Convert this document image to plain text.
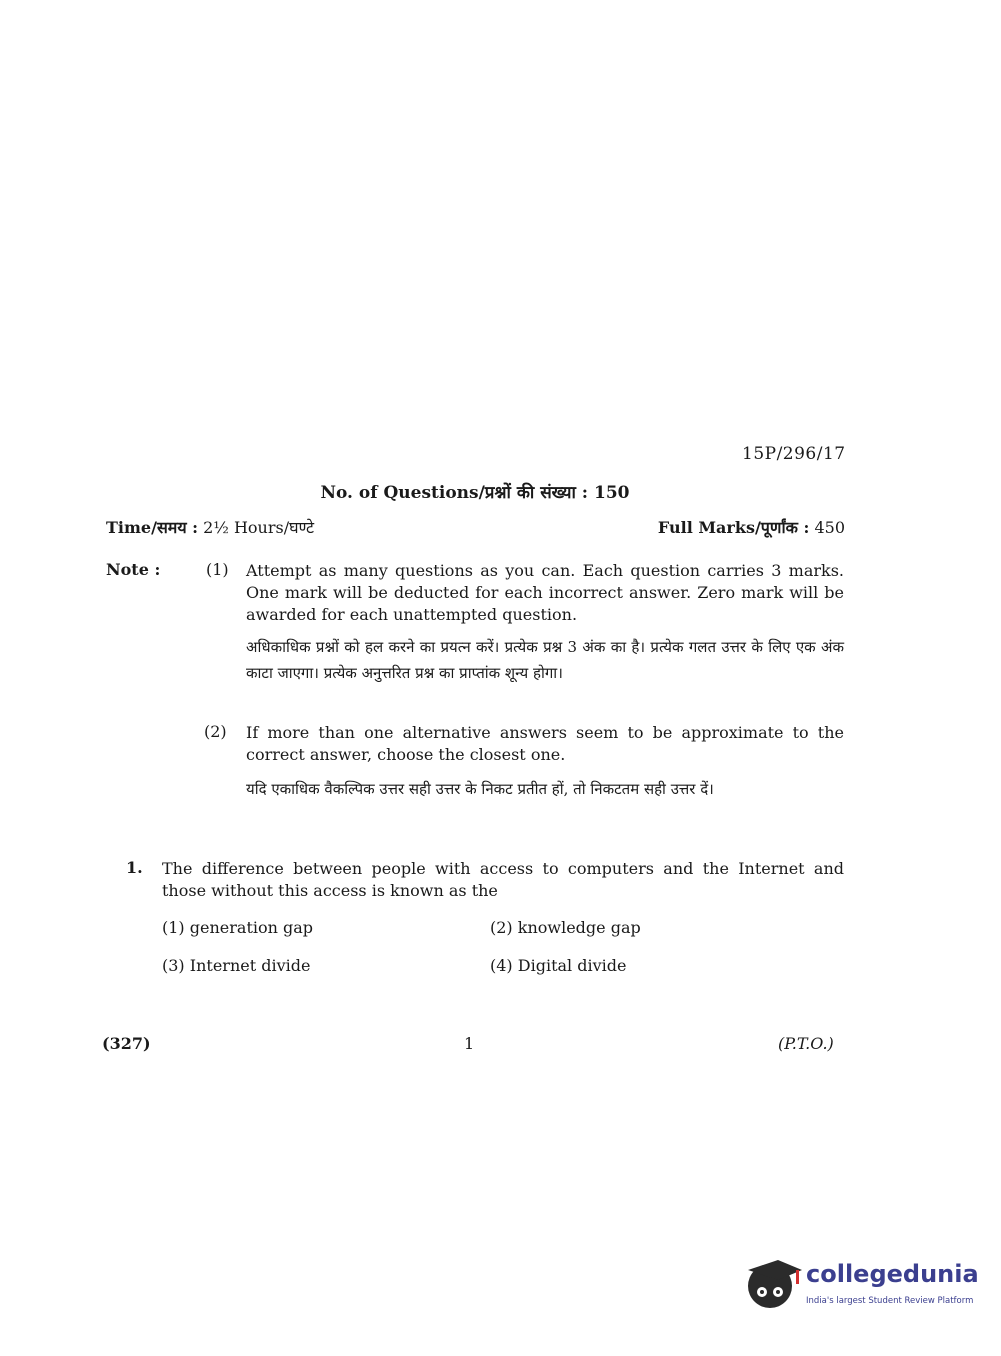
15P/296/17
No. of Questions/प्रश्नों की संख्या : 150
Time/समय : 2½ Hours/घण्टे	Full Marks/पूर्णांक : 450
Note :	(1) Attempt as many questions as you can. Each question carries 3 marks. One mark will be deducted for each incorrect answer. Zero mark will be awarded for each unattempted question.
अधिकाधिक प्रश्नों को हल करने का प्रयत्न करें। प्रत्येक प्रश्न 3 अंक का है। प्रत्येक गलत उत्तर के लिए एक अंक काटा जाएगा। प्रत्येक अनुत्तरित प्रश्न का प्राप्तांक शून्य होगा।
(2) If more than one alternative answers seem to be approximate to the correct answer, choose the closest one.
यदि एकाधिक वैकल्पिक उत्तर सही उत्तर के निकट प्रतीत हों, तो निकटतम सही उत्तर दें।
1. The difference between people with access to computers and the Internet and those without this access is known as the
(1) generation gap	(2) knowledge gap
(3) Internet divide	(4) Digital divide
(327)	1	(P.T.O.)
collegedunia
India's largest Student Review Platform
